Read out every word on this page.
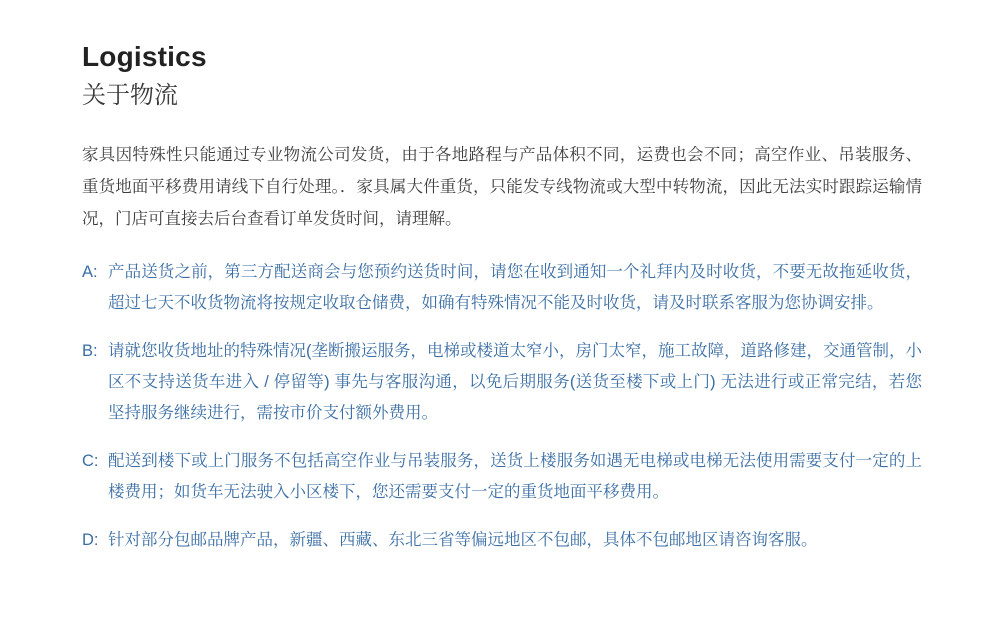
Logistics
关于物流

家具因特殊性只能通过专业物流公司发货，由于各地路程与产品体积不同，运费也会不同；高空作业、吊装服务、重货地面平移费用请线下自行处理。．家具属大件重货，只能发专线物流或大型中转物流，因此无法实时跟踪运输情况，门店可直接去后台查看订单发货时间，请理解。

A: 产品送货之前，第三方配送商会与您预约送货时间，请您在收到通知一个礼拜内及时收货，不要无故拖延收货，超过七天不收货物流将按规定收取仓储费，如确有特殊情况不能及时收货，请及时联系客服为您协调安排。
B: 请就您收货地址的特殊情况(垄断搬运服务，电梯或楼道太窄小，房门太窄，施工故障，道路修建，交通管制，小区不支持送货车进入 / 停留等) 事先与客服沟通，以免后期服务(送货至楼下或上门) 无法进行或正常完结，若您坚持服务继续进行，需按市价支付额外费用。
C: 配送到楼下或上门服务不包括高空作业与吊装服务，送货上楼服务如遇无电梯或电梯无法使用需要支付一定的上楼费用；如货车无法驶入小区楼下，您还需要支付一定的重货地面平移费用。
D: 针对部分包邮品牌产品，新疆、西藏、东北三省等偏远地区不包邮，具体不包邮地区请咨询客服。
